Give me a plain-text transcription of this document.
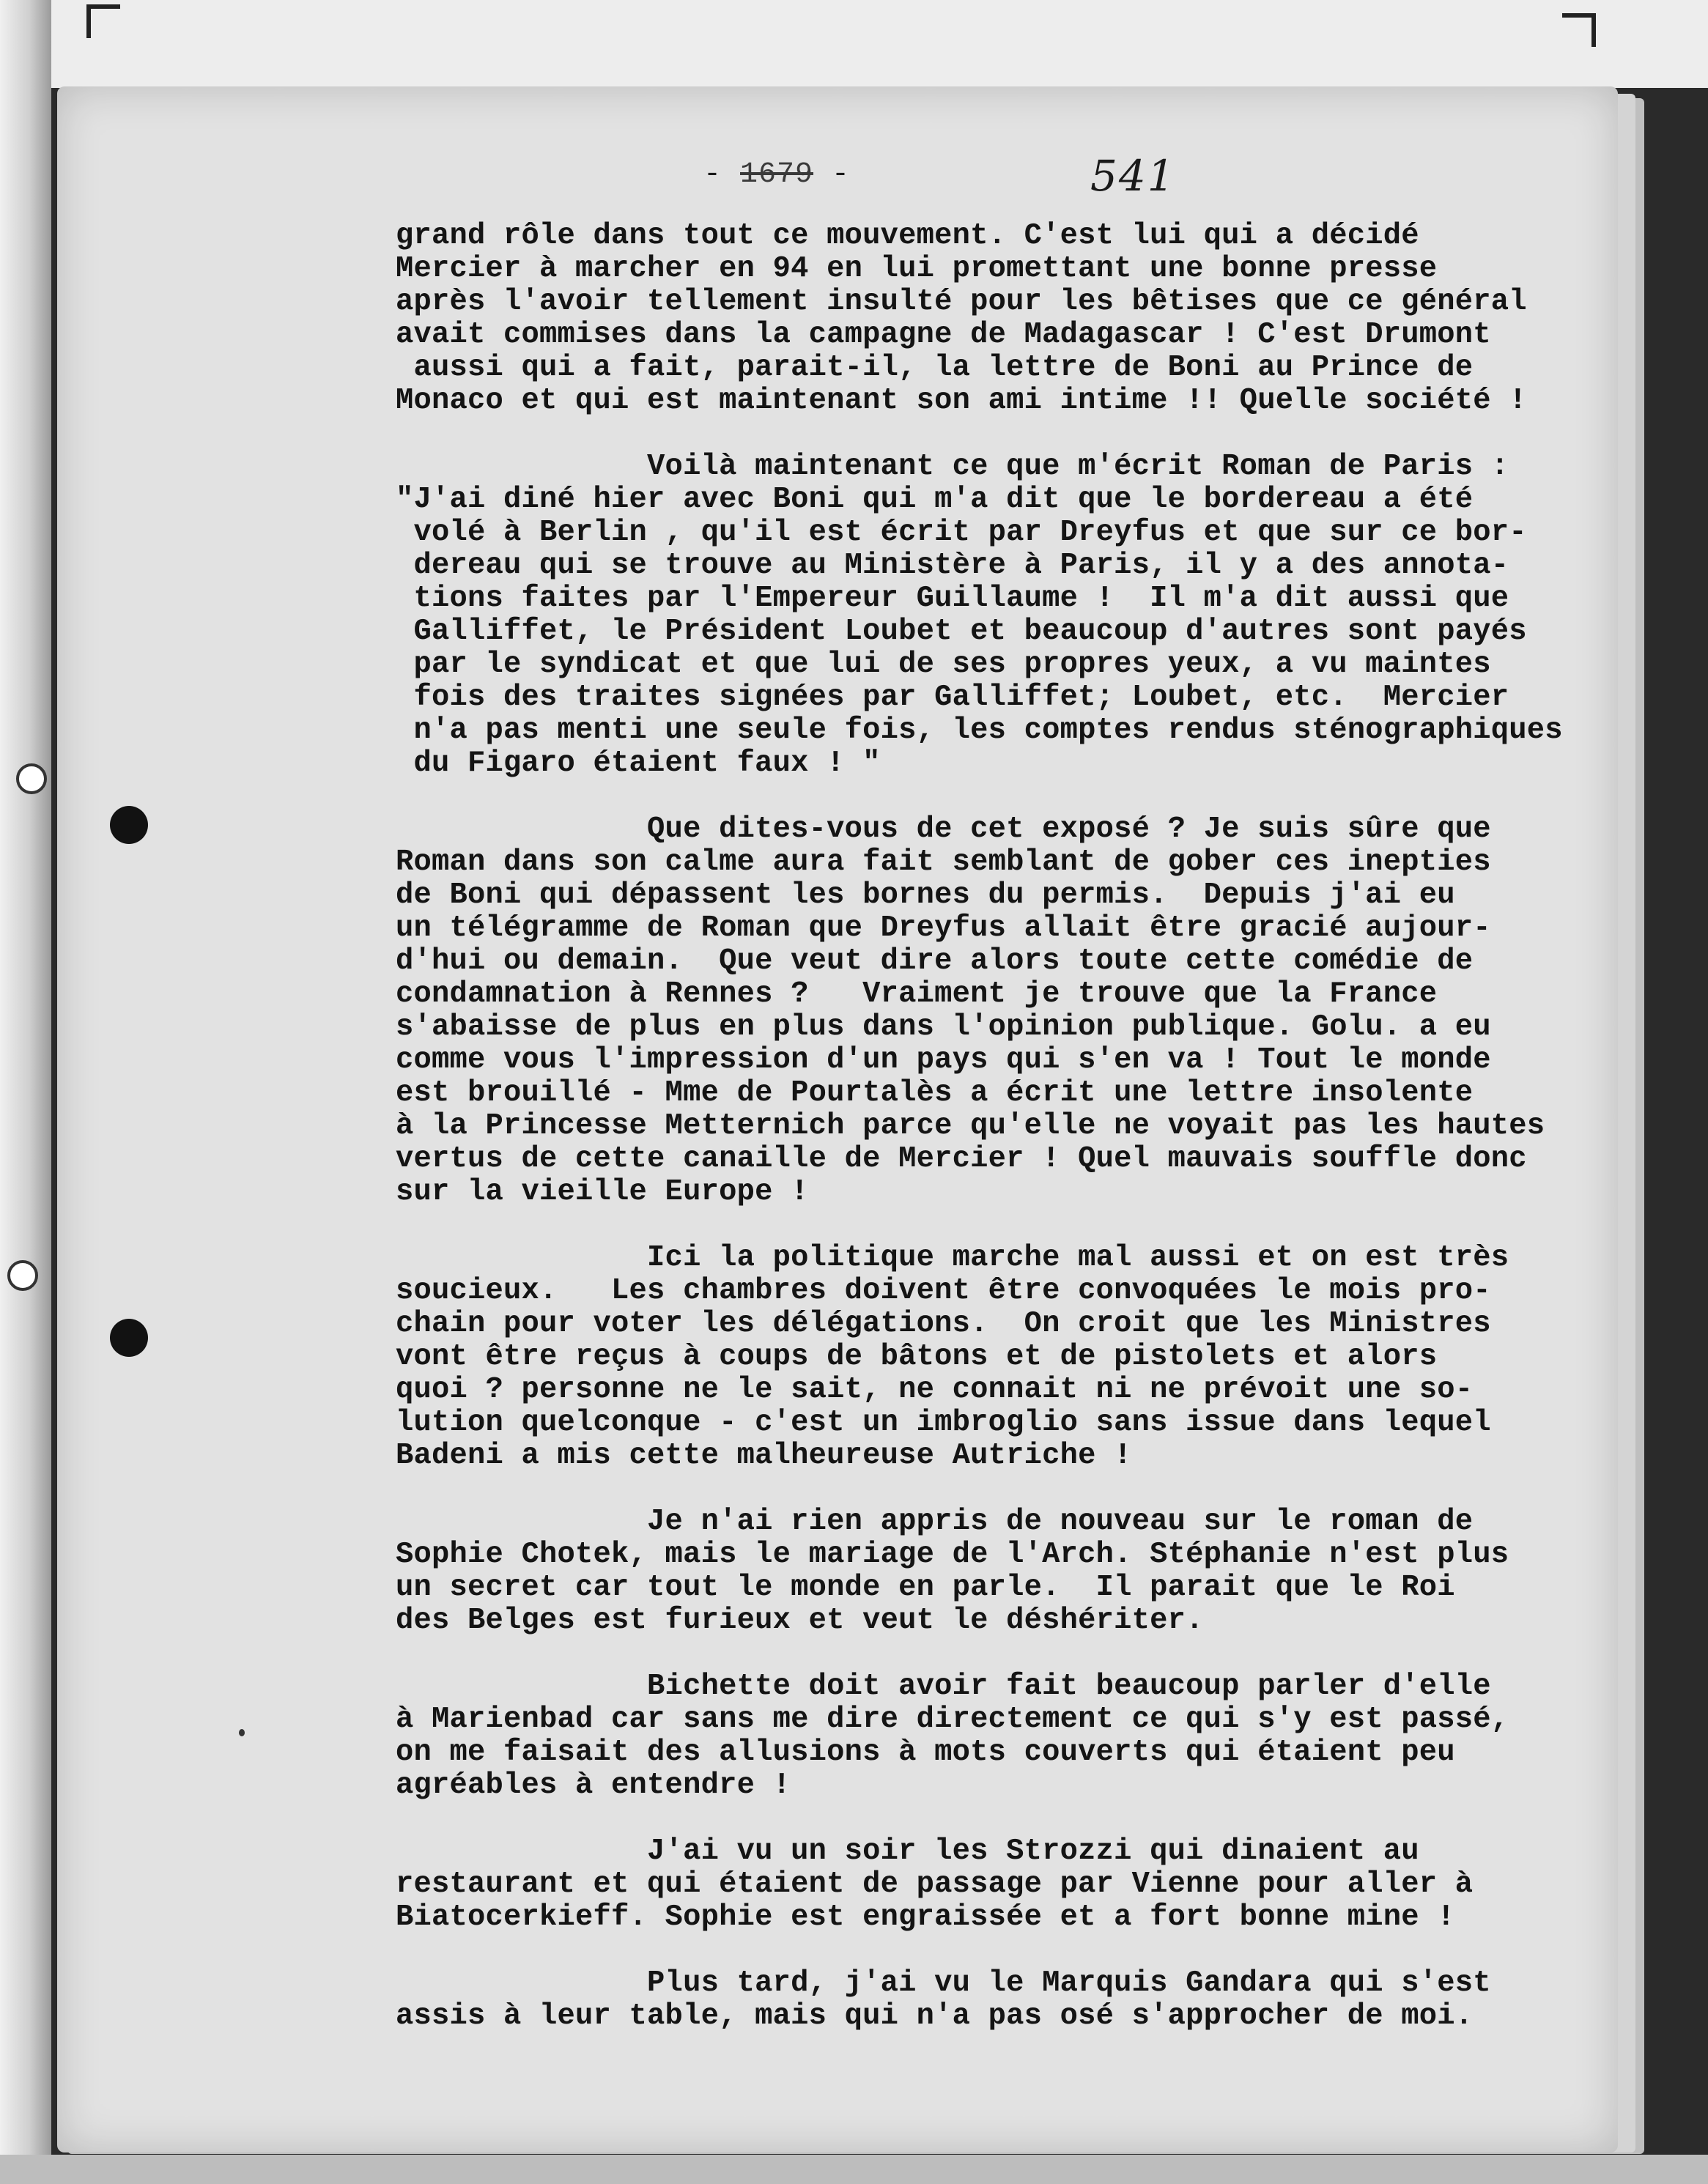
- 1679 -	541
grand rôle dans tout ce mouvement. C'est lui qui a décidé
Mercier à marcher en 94 en lui promettant une bonne presse
après l'avoir tellement insulté pour les bêtises que ce général
avait commises dans la campagne de Madagascar ! C'est Drumont
aussi qui a fait, parait-il, la lettre de Boni au Prince de
Monaco et qui est maintenant son ami intime !! Quelle société !
Voilà maintenant ce que m'écrit Roman de Paris :
"J'ai diné hier avec Boni qui m'a dit que le bordereau a été
volé à Berlin , qu'il est écrit par Dreyfus et que sur ce bor-
dereau qui se trouve au Ministère à Paris, il y a des annota-
tions faites par l'Empereur Guillaume !  Il m'a dit aussi que
Galliffet, le Président Loubet et beaucoup d'autres sont payés
par le syndicat et que lui de ses propres yeux, a vu maintes
fois des traites signées par Galliffet; Loubet, etc.  Mercier
n'a pas menti une seule fois, les comptes rendus sténographiques
du Figaro étaient faux ! "
Que dites-vous de cet exposé ? Je suis sûre que
Roman dans son calme aura fait semblant de gober ces inepties
de Boni qui dépassent les bornes du permis.  Depuis j'ai eu
un télégramme de Roman que Dreyfus allait être gracié aujour-
d'hui ou demain.  Que veut dire alors toute cette comédie de
condamnation à Rennes ?   Vraiment je trouve que la France
s'abaisse de plus en plus dans l'opinion publique. Golu. a eu
comme vous l'impression d'un pays qui s'en va ! Tout le monde
est brouillé - Mme de Pourtalès a écrit une lettre insolente
à la Princesse Metternich parce qu'elle ne voyait pas les hautes
vertus de cette canaille de Mercier ! Quel mauvais souffle donc
sur la vieille Europe !
Ici la politique marche mal aussi et on est très
soucieux.   Les chambres doivent être convoquées le mois pro-
chain pour voter les délégations.  On croit que les Ministres
vont être reçus à coups de bâtons et de pistolets et alors
quoi ? personne ne le sait, ne connait ni ne prévoit une so-
lution quelconque - c'est un imbroglio sans issue dans lequel
Badeni a mis cette malheureuse Autriche !
Je n'ai rien appris de nouveau sur le roman de
Sophie Chotek, mais le mariage de l'Arch. Stéphanie n'est plus
un secret car tout le monde en parle.  Il parait que le Roi
des Belges est furieux et veut le déshériter.
Bichette doit avoir fait beaucoup parler d'elle
à Marienbad car sans me dire directement ce qui s'y est passé,
on me faisait des allusions à mots couverts qui étaient peu
agréables à entendre !
J'ai vu un soir les Strozzi qui dinaient au
restaurant et qui étaient de passage par Vienne pour aller à
Biatocerkieff. Sophie est engraissée et a fort bonne mine !
Plus tard, j'ai vu le Marquis Gandara qui s'est
assis à leur table, mais qui n'a pas osé s'approcher de moi.
